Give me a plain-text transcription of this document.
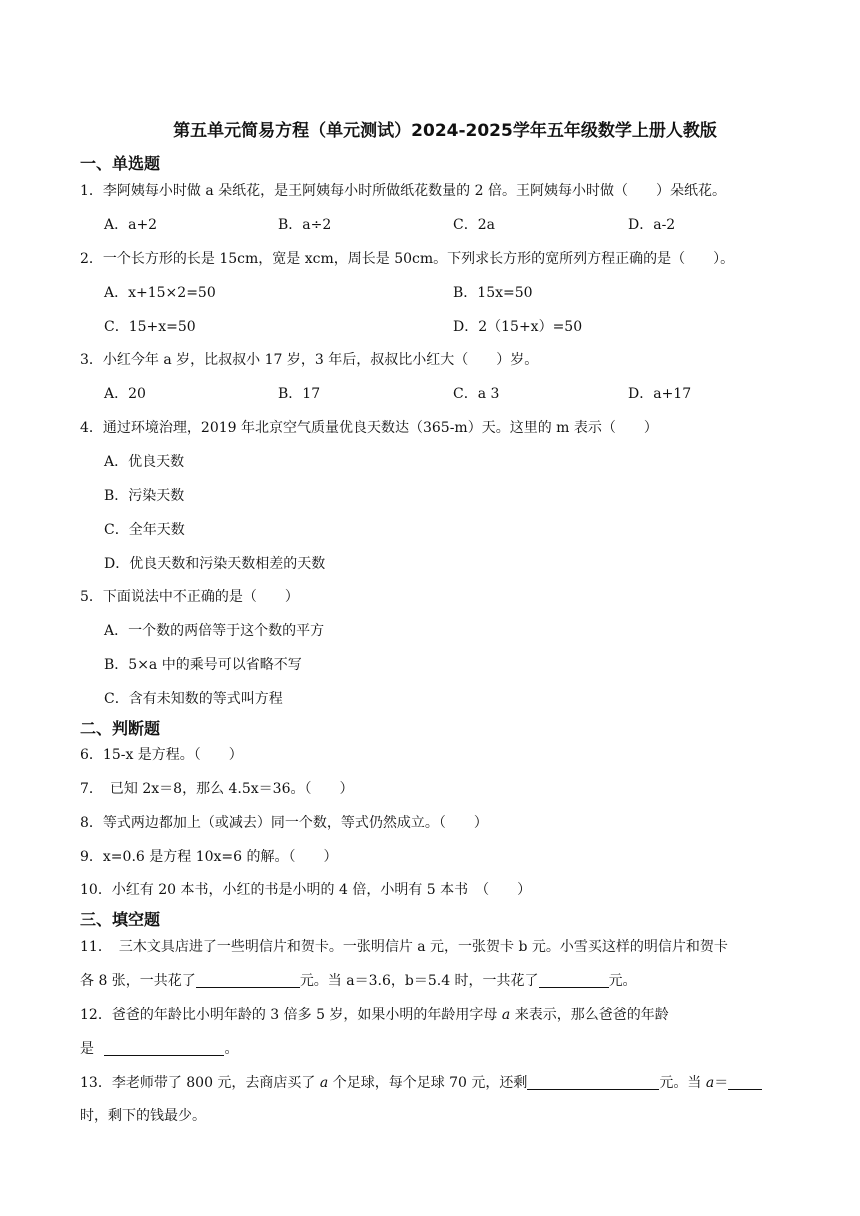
第五单元简易方程（单元测试）2024-2025学年五年级数学上册人教版
一、单选题
1．李阿姨每小时做 a 朵纸花，是王阿姨每小时所做纸花数量的 2 倍。王阿姨每小时做（　　）朵纸花。
A．a+2	B．a÷2	C．2a	D．a-2
2．一个长方形的长是 15cm，宽是 xcm，周长是 50cm。下列求长方形的宽所列方程正确的是（　　）。
A．x+15×2=50	B．15x=50
C．15+x=50	D．2（15+x）=50
3．小红今年 a 岁，比叔叔小 17 岁，3 年后，叔叔比小红大（　　）岁。
A．20	B．17	C．a 3	D．a+17
4．通过环境治理，2019 年北京空气质量优良天数达（365-m）天。这里的 m 表示（　　）
A．优良天数
B．污染天数
C．全年天数
D．优良天数和污染天数相差的天数
5．下面说法中不正确的是（　　）
A．一个数的两倍等于这个数的平方
B．5×a 中的乘号可以省略不写
C．含有未知数的等式叫方程
二、判断题
6．15-x 是方程。（　　）
7．　已知 2x＝8，那么 4.5x＝36。（　　）
8．等式两边都加上（或减去）同一个数，等式仍然成立。（　　）
9．x=0.6 是方程 10x=6 的解。（　　）
10．小红有 20 本书，小红的书是小明的 4 倍，小明有 5 本书　（　　）
三、填空题
11．　三木文具店进了一些明信片和贺卡。一张明信片 a 元，一张贺卡 b 元。小雪买这样的明信片和贺卡
各 8 张，一共花了	元。当 a＝3.6，b＝5.4 时，一共花了	元。
12．爸爸的年龄比小明年龄的 3 倍多 5 岁，如果小明的年龄用字母 a 来表示，那么爸爸的年龄
是	。
13．李老师带了 800 元，去商店买了 a 个足球，每个足球 70 元，还剩	元。当 a＝
时，剩下的钱最少。
